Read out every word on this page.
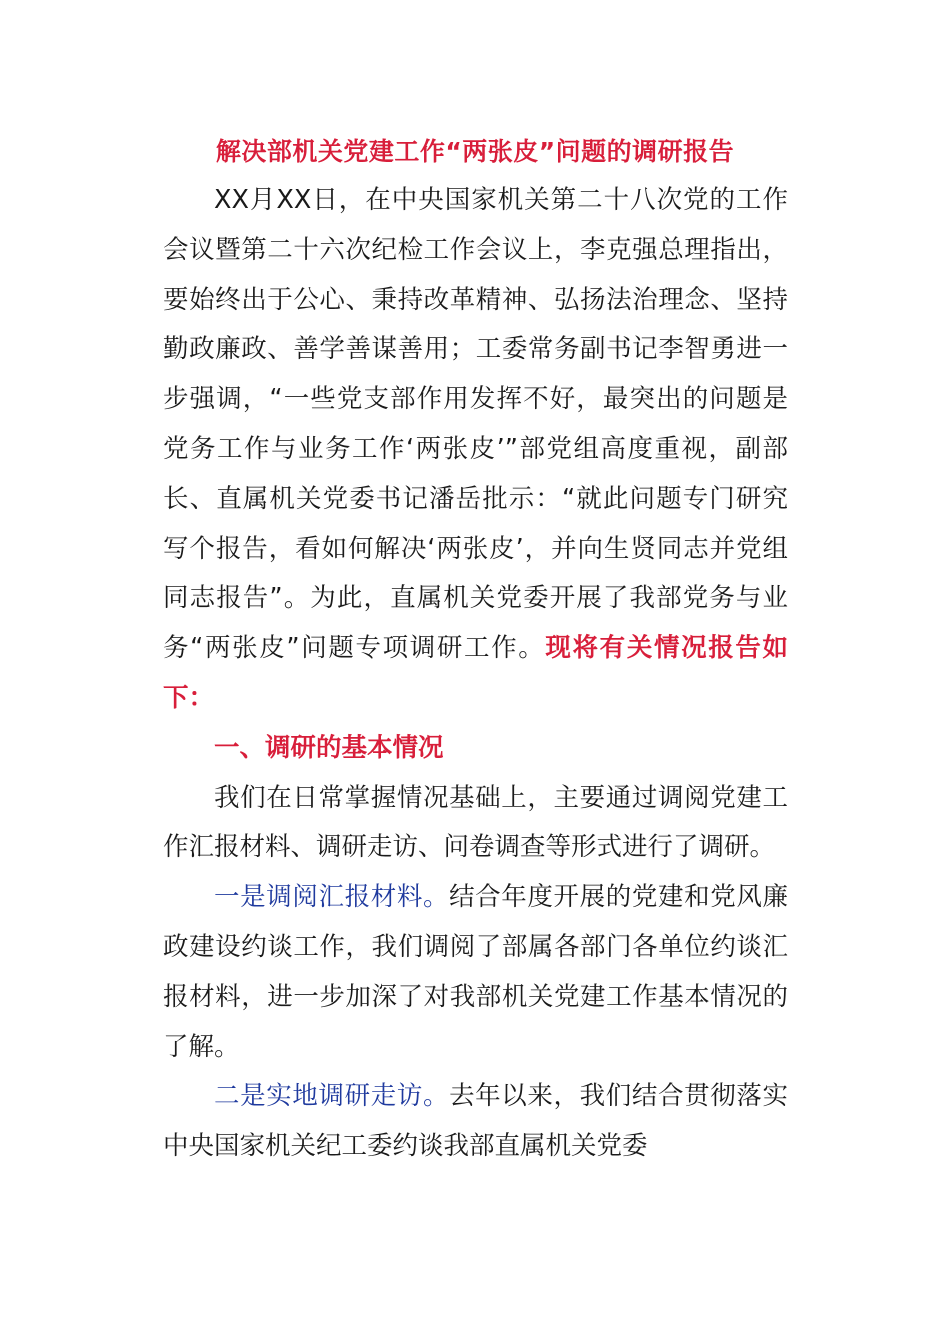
解决部机关党建工作“两张皮”问题的调研报告

XX月XX日，在中央国家机关第二十八次党的工作会议暨第二十六次纪检工作会议上，李克强总理指出，要始终出于公心、秉持改革精神、弘扬法治理念、坚持勤政廉政、善学善谋善用；工委常务副书记李智勇进一步强调，“一些党支部作用发挥不好，最突出的问题是党务工作与业务工作‘两张皮’”部党组高度重视，副部长、直属机关党委书记潘岳批示：“就此问题专门研究写个报告，看如何解决‘两张皮’，并向生贤同志并党组同志报告”。为此，直属机关党委开展了我部党务与业务“两张皮”问题专项调研工作。现将有关情况报告如下：

一、调研的基本情况

我们在日常掌握情况基础上，主要通过调阅党建工作汇报材料、调研走访、问卷调查等形式进行了调研。

一是调阅汇报材料。结合年度开展的党建和党风廉政建设约谈工作，我们调阅了部属各部门各单位约谈汇报材料，进一步加深了对我部机关党建工作基本情况的了解。

二是实地调研走访。去年以来，我们结合贯彻落实中央国家机关纪工委约谈我部直属机关党委
